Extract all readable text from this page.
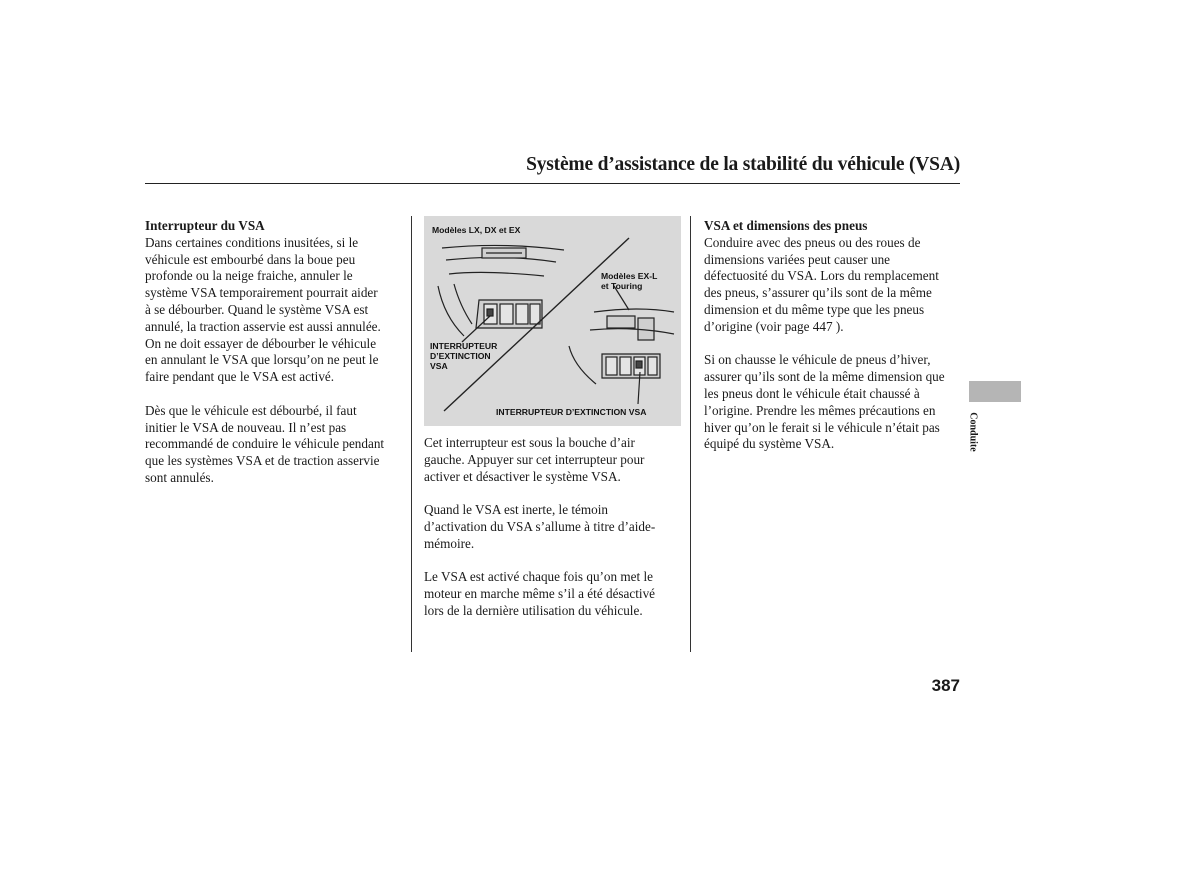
Système d’assistance de la stabilité du véhicule (VSA)
Interrupteur du VSA

Dans certaines conditions inusitées, si le
véhicule est embourbé dans la boue peu
profonde ou la neige fraiche, annuler le
système VSA temporairement pourrait aider
à se débourber. Quand le système VSA est
annulé, la traction asservie est aussi annulée.
On ne doit essayer de débourber le véhicule
en annulant le VSA que lorsqu’on ne peut le
faire pendant que le VSA est activé.

Dès que le véhicule est débourbé, il faut
initier le VSA de nouveau. Il n’est pas
recommandé de conduire le véhicule pendant
que les systèmes VSA et de traction asservie
sont annulés.

Modèles LX, DX et EX
Modèles EX-L
et Touring
INTERRUPTEUR
D’EXTINCTION
VSA
INTERRUPTEUR D’EXTINCTION VSA

Cet interrupteur est sous la bouche d’air
gauche. Appuyer sur cet interrupteur pour
activer et désactiver le système VSA.

Quand le VSA est inerte, le témoin
d’activation du VSA s’allume à titre d’aide-
mémoire.

Le VSA est activé chaque fois qu’on met le
moteur en marche même s’il a été désactivé
lors de la dernière utilisation du véhicule.

VSA et dimensions des pneus

Conduire avec des pneus ou des roues de
dimensions variées peut causer une
défectuosité du VSA. Lors du remplacement
des pneus, s’assurer qu’ils sont de la même
dimension et du même type que les pneus
d’origine (voir page 447 ).

Si on chausse le véhicule de pneus d’hiver,
assurer qu’ils sont de la même dimension que
les pneus dont le véhicule était chaussé à
l’origine. Prendre les mêmes précautions en
hiver qu’on le ferait si le véhicule n’était pas
équipé du système VSA.	Conduite
387
